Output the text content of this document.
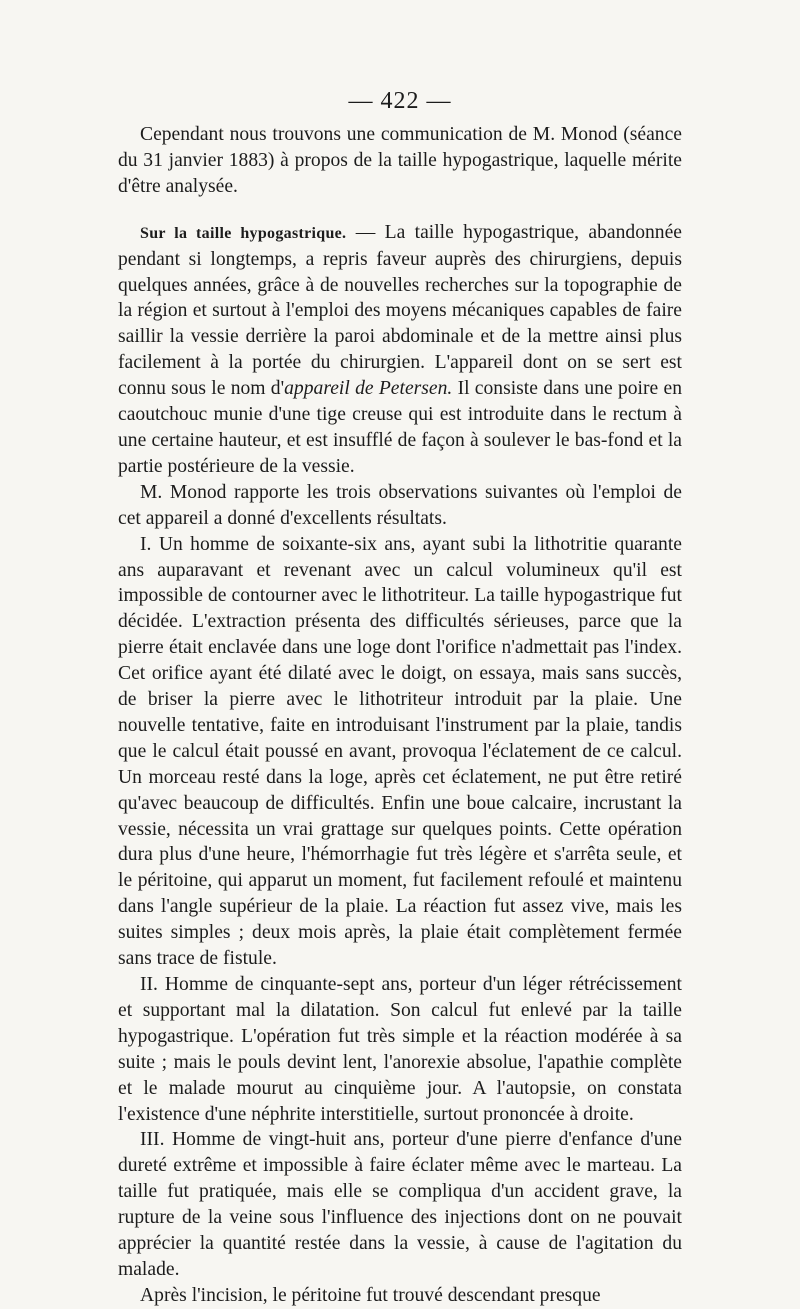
— 422 —

Cependant nous trouvons une communication de M. Monod (séance du 31 janvier 1883) à propos de la taille hypogastrique, laquelle mérite d'être analysée.

Sur la taille hypogastrique. — La taille hypogastrique, abandonnée pendant si longtemps, a repris faveur auprès des chirurgiens, depuis quelques années, grâce à de nouvelles recherches sur la topographie de la région et surtout à l'emploi des moyens mécaniques capables de faire saillir la vessie derrière la paroi abdominale et de la mettre ainsi plus facilement à la portée du chirurgien. L'appareil dont on se sert est connu sous le nom d'appareil de Petersen. Il consiste dans une poire en caoutchouc munie d'une tige creuse qui est introduite dans le rectum à une certaine hauteur, et est insufflé de façon à soulever le bas-fond et la partie postérieure de la vessie.

M. Monod rapporte les trois observations suivantes où l'emploi de cet appareil a donné d'excellents résultats.

I. Un homme de soixante-six ans, ayant subi la lithotritie quarante ans auparavant et revenant avec un calcul volumineux qu'il est impossible de contourner avec le lithotriteur. La taille hypogastrique fut décidée. L'extraction présenta des difficultés sérieuses, parce que la pierre était enclavée dans une loge dont l'orifice n'admettait pas l'index. Cet orifice ayant été dilaté avec le doigt, on essaya, mais sans succès, de briser la pierre avec le lithotriteur introduit par la plaie. Une nouvelle tentative, faite en introduisant l'instrument par la plaie, tandis que le calcul était poussé en avant, provoqua l'éclatement de ce calcul. Un morceau resté dans la loge, après cet éclatement, ne put être retiré qu'avec beaucoup de difficultés. Enfin une boue calcaire, incrustant la vessie, nécessita un vrai grattage sur quelques points. Cette opération dura plus d'une heure, l'hémorrhagie fut très légère et s'arrêta seule, et le péritoine, qui apparut un moment, fut facilement refoulé et maintenu dans l'angle supérieur de la plaie. La réaction fut assez vive, mais les suites simples ; deux mois après, la plaie était complètement fermée sans trace de fistule.

II. Homme de cinquante-sept ans, porteur d'un léger rétrécissement et supportant mal la dilatation. Son calcul fut enlevé par la taille hypogastrique. L'opération fut très simple et la réaction modérée à sa suite ; mais le pouls devint lent, l'anorexie absolue, l'apathie complète et le malade mourut au cinquième jour. A l'autopsie, on constata l'existence d'une néphrite interstitielle, surtout prononcée à droite.

III. Homme de vingt-huit ans, porteur d'une pierre d'enfance d'une dureté extrême et impossible à faire éclater même avec le marteau. La taille fut pratiquée, mais elle se compliqua d'un accident grave, la rupture de la veine sous l'influence des injections dont on ne pouvait apprécier la quantité restée dans la vessie, à cause de l'agitation du malade.

Après l'incision, le péritoine fut trouvé descendant presque
